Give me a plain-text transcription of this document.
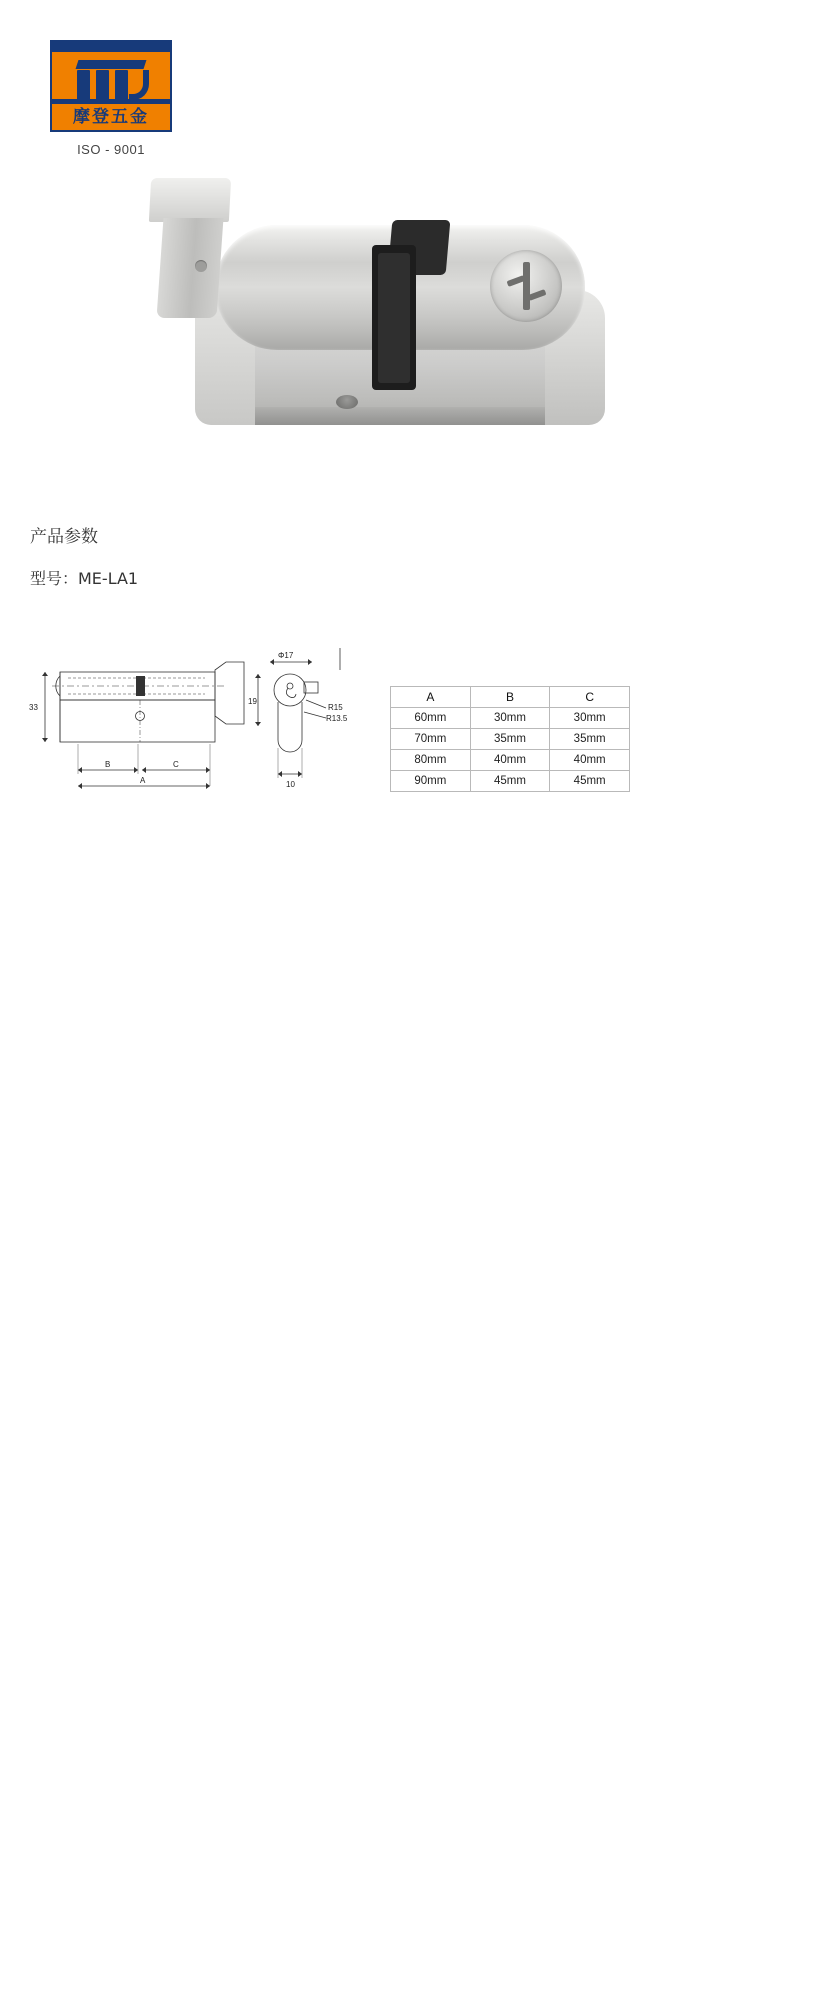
摩登五金
ISO - 9001
产品参数
型号：ME-LA1
33
B	C
A
Φ17
19
10
R15
R13.5
A	B	C
60mm	30mm	30mm
70mm	35mm	35mm
80mm	40mm	40mm
90mm	45mm	45mm
